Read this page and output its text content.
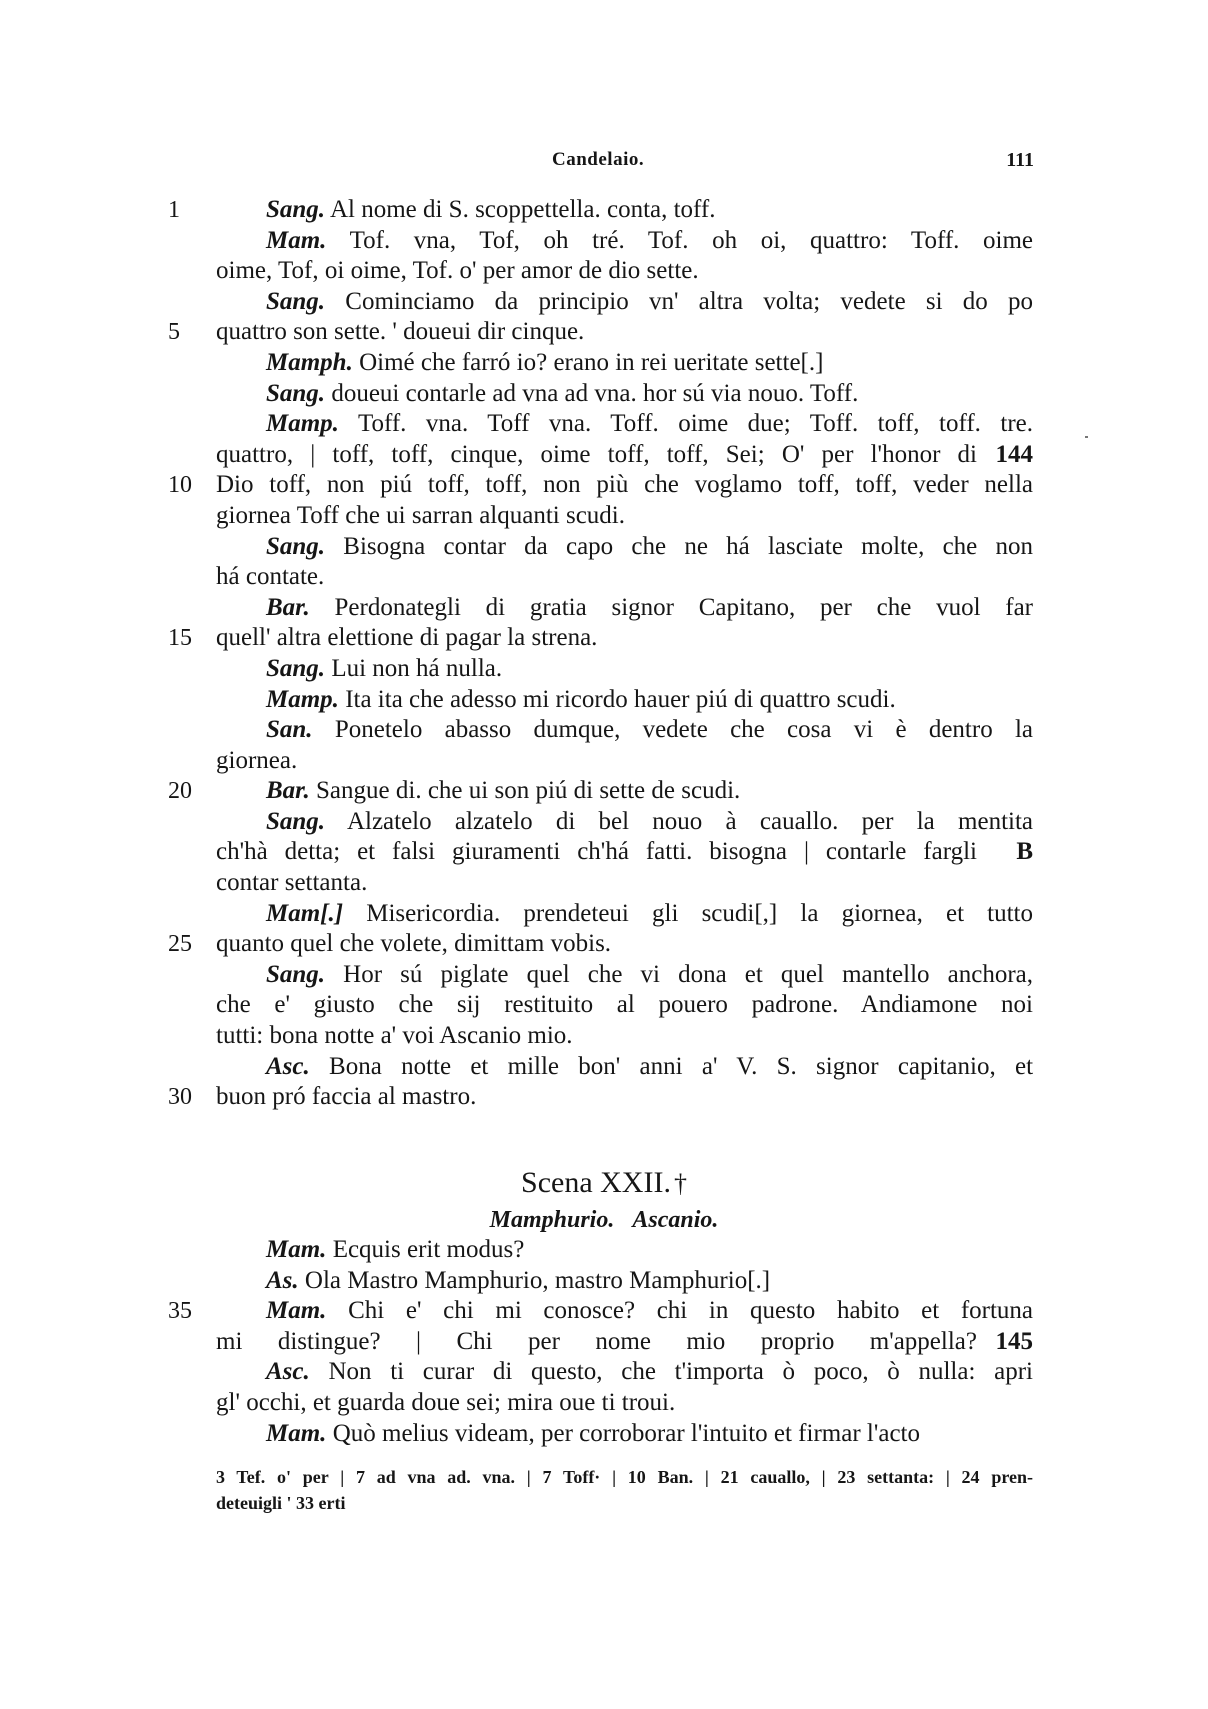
Candelaio.	111
1	Sang. Al nome di S. scoppettella. conta, toff.
Mam. Tof. vna, Tof, oh tré. Tof. oh oi, quattro: Toff. oime
oime, Tof, oi oime, Tof. o' per amor de dio sette.
Sang. Cominciamo da principio vn' altra volta; vedete si do po
5	quattro son sette. ' doueui dir cinque.
Mamph. Oimé che farró io? erano in rei ueritate sette[.]
Sang. doueui contarle ad vna ad vna. hor sú via nouo. Toff.
Mamp. Toff. vna. Toff vna. Toff. oime due; Toff. toff, toff. tre.
quattro, | toff, toff, cinque, oime toff, toff, Sei; O' per l'honor di 144
10 Dio toff, non piú toff, toff, non più che voglamo toff, toff, veder nella
giornea Toff che ui sarran alquanti scudi.
Sang. Bisogna contar da capo che ne há lasciate molte, che non
há contate.
Bar. Perdonategli di gratia signor Capitano, per che vuol far
15 quell' altra elettione di pagar la strena.
Sang. Lui non há nulla.
Mamp. Ita ita che adesso mi ricordo hauer piú di quattro scudi.
San. Ponetelo abasso dumque, vedete che cosa vi è dentro la
giornea.
20	Bar. Sangue di. che ui son piú di sette de scudi.
Sang. Alzatelo alzatelo di bel nouo à cauallo. per la mentita
ch'hà detta; et falsi giuramenti ch'há fatti. bisogna | contarle fargli B
contar settanta.
Mam[.] Misericordia. prendeteui gli scudi[,] la giornea, et tutto
25 quanto quel che volete, dimittam vobis.
Sang. Hor sú piglate quel che vi dona et quel mantello anchora,
che e' giusto che sij restituito al pouero padrone. Andiamone noi
tutti: bona notte a' voi Ascanio mio.
Asc. Bona notte et mille bon' anni a' V. S. signor capitanio, et
30 buon pró faccia al mastro.
Scena XXII. †
Mamphurio. Ascanio.
Mam. Ecquis erit modus?
As. Ola Mastro Mamphurio, mastro Mamphurio[.]
35	Mam. Chi e' chi mi conosce? chi in questo habito et fortuna
mi distingue? | Chi per nome mio proprio m'appella? 145
Asc. Non ti curar di questo, che t'importa ò poco, ò nulla: apri
gl' occhi, et guarda doue sei; mira oue ti troui.
Mam. Quò melius videam, per corroborar l'intuito et firmar l'acto
3 Tef. o' per | 7 ad vna ad. vna. | 7 Toff· | 10 Ban. | 21 cauallo, | 23 settanta: | 24 pren-
deteuigli ' 33 erti
